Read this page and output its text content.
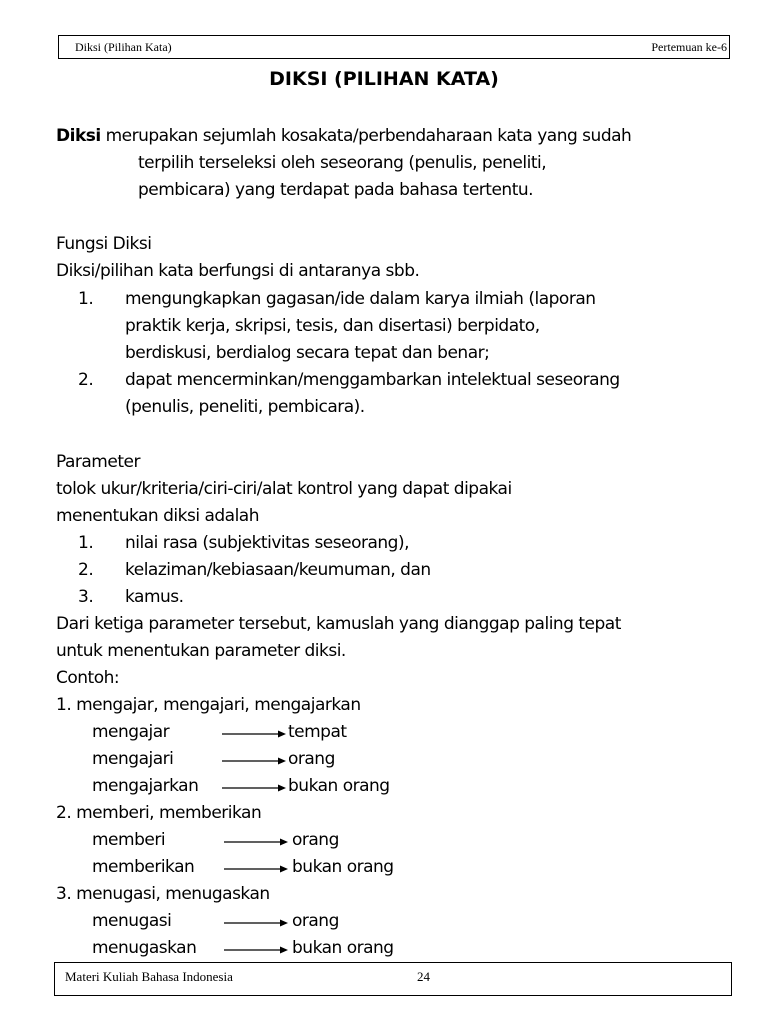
Diksi (Pilihan Kata)	Pertemuan ke-6
DIKSI (PILIHAN KATA)
Diksi merupakan sejumlah kosakata/perbendaharaan kata yang sudah
terpilih terseleksi oleh seseorang (penulis, peneliti,
pembicara) yang terdapat pada bahasa tertentu.
Fungsi Diksi
Diksi/pilihan kata berfungsi di antaranya sbb.
1. mengungkapkan gagasan/ide dalam karya ilmiah (laporan
praktik kerja, skripsi, tesis, dan disertasi) berpidato,
berdiskusi, berdialog secara tepat dan benar;
2. dapat mencerminkan/menggambarkan intelektual seseorang
(penulis, peneliti, pembicara).
Parameter
tolok ukur/kriteria/ciri-ciri/alat kontrol yang dapat dipakai
menentukan diksi adalah
1. nilai rasa (subjektivitas seseorang),
2. kelaziman/kebiasaan/keumuman, dan
3. kamus.
Dari ketiga parameter tersebut, kamuslah yang dianggap paling tepat
untuk menentukan parameter diksi.
Contoh:
1. mengajar, mengajari, mengajarkan
mengajar	tempat
mengajari	orang
mengajarkan	bukan orang
2. memberi, memberikan
memberi	orang
memberikan	bukan orang
3. menugasi, menugaskan
menugasi	orang
menugaskan	bukan orang
Materi Kuliah Bahasa Indonesia	24
